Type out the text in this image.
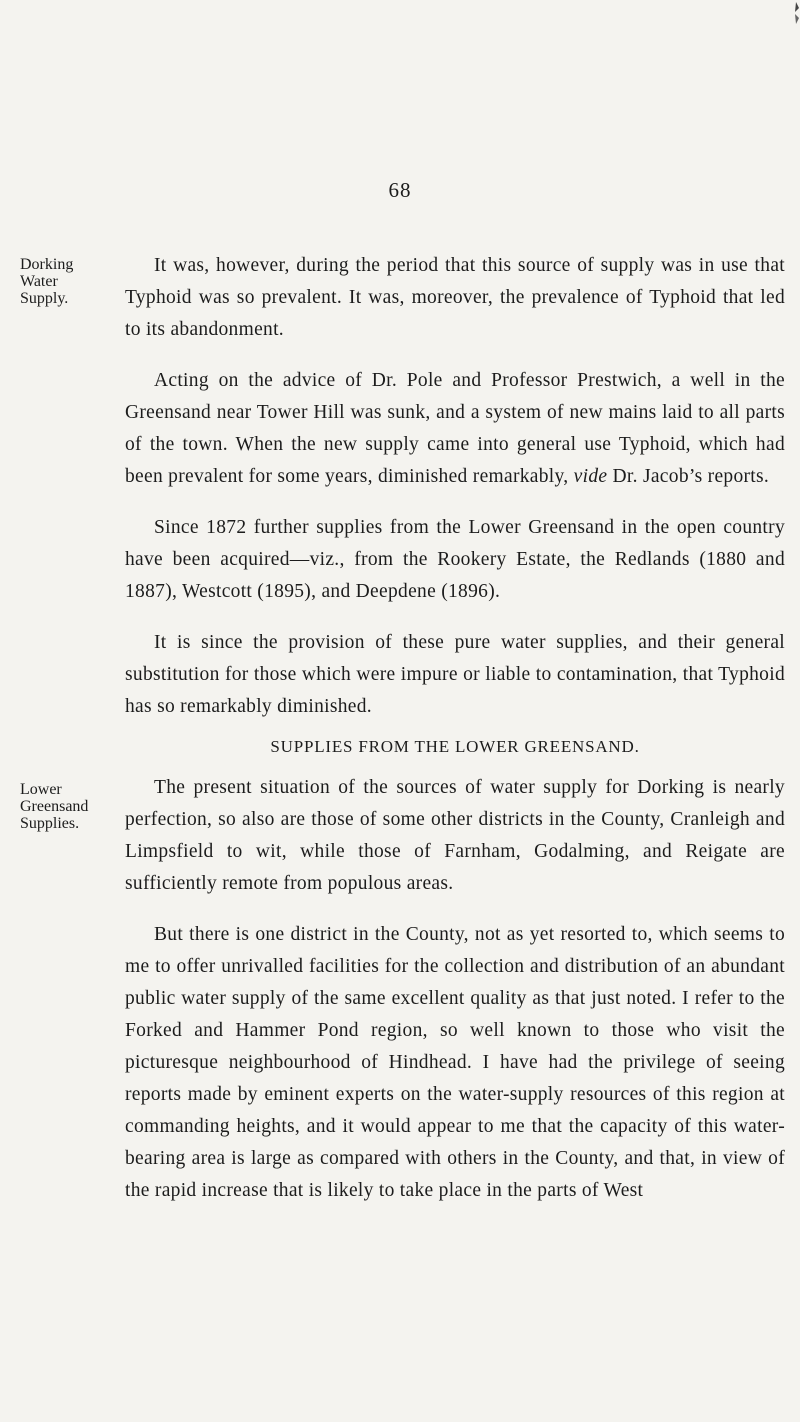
68
Dorking Water Supply.
Lower Greensand Supplies.

It was, however, during the period that this source of supply was in use that Typhoid was so prevalent. It was, moreover, the prevalence of Typhoid that led to its abandonment.

Acting on the advice of Dr. Pole and Professor Prestwich, a well in the Greensand near Tower Hill was sunk, and a system of new mains laid to all parts of the town. When the new supply came into general use Typhoid, which had been prevalent for some years, diminished remarkably, vide Dr. Jacob’s reports.

Since 1872 further supplies from the Lower Greensand in the open country have been acquired—viz., from the Rookery Estate, the Redlands (1880 and 1887), Westcott (1895), and Deepdene (1896).

It is since the provision of these pure water supplies, and their general substitution for those which were impure or liable to contamination, that Typhoid has so remarkably diminished.

SUPPLIES FROM THE LOWER GREENSAND.

The present situation of the sources of water supply for Dorking is nearly perfection, so also are those of some other districts in the County, Cranleigh and Limpsfield to wit, while those of Farnham, Godalming, and Reigate are sufficiently remote from populous areas.

But there is one district in the County, not as yet resorted to, which seems to me to offer unrivalled facilities for the collection and distribution of an abundant public water supply of the same excellent quality as that just noted. I refer to the Forked and Hammer Pond region, so well known to those who visit the picturesque neighbourhood of Hindhead. I have had the privilege of seeing reports made by eminent experts on the water-supply resources of this region at commanding heights, and it would appear to me that the capacity of this water-bearing area is large as compared with others in the County, and that, in view of the rapid increase that is likely to take place in the parts of West
